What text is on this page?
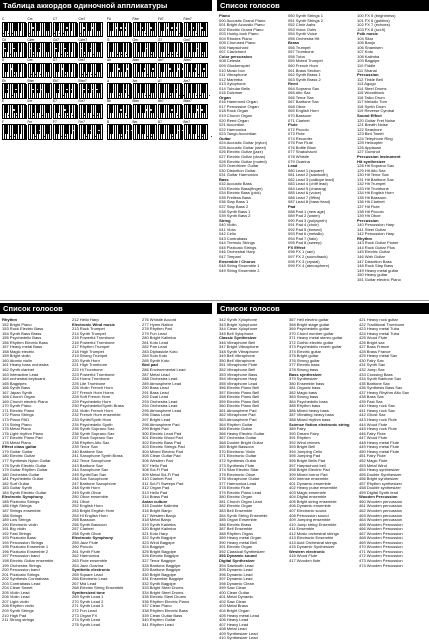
Таблица аккордов одиночной аппликатуры	Список голосов
C	Cm	C7	Cm7
C#	C#m	C#7	C#m7
D	Dm	D7	Dm7
Eb	Ebm	Eb7	Ebm7
E	Em	E7	Em7
F	Fm	F7	Fm7
F#	F#m	F#7	F#m7
G	Gm	G7	Gm7
Ab	Abm	Ab7	Abm7
A	Am	A7	Am7
Bb	Bbm	Bb7	Bbm7
B	Bm	B7	Bm7
Piano
000 Acoustic Grand Piano
001 Bright Acoustic Piano
002 Electric Grand Piano
003 Honky-tonk Piano
004 Rhodes Piano
005 Chorused Piano
006 Harpsichord
007 Clavichord
Color percussion
008 Celesta
009 Glockenspiel
010 Music box
011 Vibraphone
012 Marimba
013 Xylophone
014 Tubular Bells
015 Dulcimer
Organ
016 Hammond Organ
017 Percussive Organ
018 Rock Organ
019 Church Organ
020 Reed Organ
021 Accordion
022 Harmonica
023 Tango Accordian
Guitar
024 Acoustic Guitar (nylon)
025 Acoustic Guitar (steel)
026 Electric Guitar (jazz)
027 Electric Guitar (clean)
028 Electric Guitar (muted)
029 Overdriven Guitar
030 Distortion Guitar
031 Guitar Harmonics
Bass
032 Acoustic Bass
033 Electric Bass(finger)
034 Electric Bass (pick)
035 Fretless Bass
036 Slap Bass 1
037 Slap Bass 2
038 Synth Bass 1
039 Synth Bass 2
String
040 Violin
041 Viola
042 Cello
043 Contrabass
044 Tremolo Strings
045 Pizzicato Strings
046 Orchestral Harp
047 Timpani
Ensemble / Chorus
048 String Ensemble 1
049 String Ensemble 2
050 Synth Strings 1
051 Synth Strings 2
052 Choir Aahs
053 Voice Oohs
054 Synth Voice
055 Orchestra Hit
Brass
056 Trumpet
057 Trombone
058 Tuba
059 Muted Trumpet
060 French Horn
061 Brass Section
062 Synth Brass 1
063 Synth Brass 2
Reed
064 Soprano Sax
065 Alto Sax
066 Tenor Sax
067 Baritone Sax
068 Oboe
069 English Horn
070 Bassoon
071 Clarinet
Flute
072 Piccolo
073 Flute
074 Recorder
075 Pan Flute
076 Bottle Blow
077 Shakuhachi
078 Whistle
079 Ocarina
Lead
080 Lead 1 (square)
081 Lead 2 (sawtooth)
082 Lead 3 (calliope lead)
083 Lead 4 (chiff lead)
084 Lead 5 (charang)
085 Lead 6 (voice)
086 Lead 7 (fifths)
087 Lead 8 (bass+lead)
Pad
088 Pad 1 (new age)
089 Pad 2 (warm)
090 Pad 3 (polysynth)
091 Pad 4 (choir)
092 Pad 5 (bowed)
093 Pad 6 (metallic)
094 Pad 7 (halo)
095 Pad 8 (sweep)
FX Effect
096 FX 1 (rain)
097 FX 2 (soundtrack)
098 FX 3 (crystal)
099 FX 4 (atmosphere)
100 FX 5 (brightness)
101 FX 6 (goblins)
102 FX 7 (echoes)
103 FX 8 (sci-fi)
Folk music
104 Sitar
105 Banjo
106 Shamisen
107 Koto
108 Kalimba
109 Bagpipe
110 Fiddle
111 Shanai
Percussion
112 Tinkle Bell
113 Agogo
114 Steel Drums
115 Woodblock
116 Taiko Drum
117 Melodic Tom
118 Synth Drum
119 Reverse Cymbal
Sound Effect
120 Guitar Fret Noise
121 Breath Noise
122 Seashore
123 Bird Tweet
124 Telephone Ring
125 Helicopter
126 Applause
127 Gunshot
Percussion instrument
Hit synthesizer
128 Hit Soprano Sax
129 Hit Alto Sax
130 Hit Tenor Sax
131 Hit Baritone Sax
132 Hit Trumpet
133 Hit Trombone
134 Hit English Horn
135 Hit Bassoon
136 Hit Clarinet
137 Hit Flute
138 Hit Piccolo
139 Hit Oboe
Percussion
140 Percussion Harp
141 Steel Guitar
142 Percussion Harp
Rhythm
143 Rock Guitar Power
144 Rock Guitar Plus
145 Electric Guitar
146 Wah Guitar
147 Distortion Bass
148 Rock Slap Bass
149 Heavy metal guitar
150 Heavy guitar
151 Guitar electric Piano
Список голосов	Список голосов
Rhythm
152 Bright Piano
153 Rock Electric Bass
154 Synth Bass Brass
155 Psychedelic Bass
156 Rhythm Electric Bass
157 Heavy metal Bass
158 Magic electric
159 Bright violin
160 Atomic violin
161 Heavy bass orchestra
162 Synth clarinet
163 Interactive Lead
164 orchestral keyboard
165 Bagpipes
166 Synth Bass
167 Japan Synth
168 Church Organ
169 Church electric Piano
170 Synth Piano
171 Electric Piano
172 Piano Strings
173 Piano PAD
174 String Piano
175 Metal Piano
176 Light rhythm Piano
177 Electric Piano Pad
178 Metal Piano
Effect class guitar
179 Guitar Guitar
180 Electric Guitar
177 Synthesis Nylon Guitar
178 Synth Electric Guitar
179 Guitar Rhythm Guitar
180 Orchestra Guitar
181 Psychedelic Guitar
182 Surf Guitar
183 Guitar Synth
184 Synth Electric Guitar
Electronic Symphony
185 Pizzicato Strings
186 High Strings
187 Strings ensemble
188 Strings
189 Low Strings
190 Electronic violin
191 Big violin
192 Fast Strings
193 Pizzicato Bass
194 Percussion Strings
195 Pizzicato Ensemble 1
196 Pizzicato Ensemble 2
197 Percussion band
198 Electric Guitar ensemble
199 Orchestra Strings
200 Percussion band
201 Pizzicato Strings
202 Synthesis Contrabass
203 Contrabass Lead
204 Clean Sweet
205 Violin Lead
206 Violin Lead
207 Light violin
208 Rhythm violin
209 Synth Strings
210 High Pad
211 Strong strings
212 Hello Harp
Electronic Wind music
213 Rock Trumpet
214 Synth Trumpet
215 Powerful Trombone
216 Powerful Trombone
217 Rhythm Trumpet
218 High Trumpet
219 Strong Trumpet
220 Synth Horn
221 High Trombone
222 Hi Trombone
223 Powerful Trombone
224 Horns Trombone
225 Lite Trombone
226 Violin French Horn
227 French Horn Horns
228 Soft French Horn
229 Psychedelic Horn
230 Psychedelic/Synth Brass
231 Violin French Horn
232 French Horn ensemble
233 Synth/Synth Horn
234 Psychedelic Synth
235 Synth Soprano Sax
236 Synth Soprano Sax
237 Rock Soprano Sax
238 Rhythm Alto Sax
239 Tenor Sax
240 Baritone Sax
241 Saxophone Synth Brass
242 Tenor Saxophone
243 Baritone Sax
244 Saxophone Sax
245 Synth/Sax Sax
246 Sax Saxophone
247 Baritone Saxophone
248 Synth Horn
249 Synth Oboe
250 Oboe ensemble
251 Oboe
252 English Horn
253 Bright English Horn
254 Hi English Horn
255 Bassoon
256 Synth Bassoon
257 Clarinet
258 Synth Oboe
Electronic Symphony
259 Jazz Flute
260 Piccolo
261 Synth Flute
262 Harmonica
263 Flute ensemble
264 Jazz Ocarina
Synthetic electronic
265 Square Lead
266 Electronic Lead
267 Mid Lead
268 Electric String Ensemble
Synthesized tone
269 Synth Lead 1
270 Synth Lead 2
271 Synth Lead 3
272 Fun Lead
273 Organ FX
274 Synth Lead
275 Synth Lead
276 Whistle Accord
277 Hymn Nation
278 Rhythm Pad
279 Fun Lead
280 Bright Kalimba
281 Koto Lead
282 Pan Lead
283 Diphasicle Koto
284 Solo Koto
285 Synth Koto
Bed pad
286 Environmental Lead
287 Metal Lead
288 Orchestra Lead
289 Atmosphere Lead
290 Bass Lead
291 Bass Lead
292 Dual Lead
293 Orchestra Lead
294 Orchestra Lead
295 Atmosphere Lead
296 Glass Lead
297 Bright Lead
298 Atmosphere Pad
299 Bright Pad
300 Electric Lead Pad
301 Electric Wood Pad
302 Electric Bass Pad
303 Electric Strings Pad
304 Mixed Electric Pad
305 Clean Guitar Pad
306 Western Pad
307 Hello Pad
308 Sci-Fi Pad
309 Metal Sci-Fi Pad
310 Clarinet Pad
311 Sci-Fi Sweeps Pad
312 Organ Pad
313 Hello Pad
314 Brass Pad
Asian culture
315 Double Kalimba
316 Bright Banjo
317 Western Banjo
318 Metal Banjo
319 Synth Kalimba
320 Bright Kalimba
321 Koto Harp
322 Synth Bagpipe
323 Wind Bagpipe
324 Bagpipe
325 Bright Bagpipe
326 Electric Bagpipe
327 Tenor Bagpipe
328 Baritone Bagpipe
329 Baritone Bagpipe
330 Bright Bagpipe
331 Ensemble Bagpipe
332 Synth Bagpipe
333 Bright Steel Drums
334 Bright Steel Drums
335 Electric Steel Drums
336 Rhythm Electric Piano
337 Clean Piano
338 Rhythm Electric Bass
339 Clean Guitar Bass
340 Rhythm Guitar
341 Rhythm Lead
342 Synth Xylophone
343 Bright Xylophone
344 Clean Xylophone
345 Bell Xylophone
Classic Synthesizer
346 Vibraphone Bell
347 Bright Vibraphone
348 Synth Vibraphone
349 Bell Vibraphone
350 Bell Vibraphone
351 Vibraphone Flute
352 Vibraphone Bell
353 Vibraphone Bass
354 Vibraphone Harp
355 Vibraphone Lead
356 Electric Piano Bell
357 Electric Piano Bell
358 Electric Piano Bell
359 Electric Piano Bell
360 Electric Piano Bell
361 Atmosphere Pad
362 Vibraphone Pad
363 Atmosphere Pad
364 Rhythm Guitar
365 Electric Guitar
366 Heavy Electric Guitar
367 Orchestra Guitar
368 Double Bright Guitar
369 Bright Bassoon
370 Electronic Violin
371 Electronic Guitar
372 Synthesis Guitar
373 Synthesis Flute
374 Sitar Electric Sitar
375 Electronic Oboe
376 Vibraphone Guitar
377 Harmonica Lead
378 Electric Flute
379 Electric Piano Lead
380 Electric Organ
381 Church Organ Lead
382 Electric Organ
383 Bell Ensemble
384 Synth String Ensemble
385 Organ Ensemble
386 Electric Brass
387 Bell Ensemble
388 Rhythm Organ
389 Heavy metal Organ
390 Heavy metal Bell
391 Electric Organ
392 Classical Synthesizer
393 Dynamic sound
Digital Synthesizer
394 Sawtooth Lead
395 Dynamic Lead
396 Dynamic Lead
397 Dynamic Lead
398 Dynamic Clean
399 Saw Clean
400 Clean Guitar
401 Metal Dynamic
402 Saw Clean
403 Metal Brass
404 Bright Organ
405 Heavy metal Lead
406 Heavy Lead
407 Heavy Lead
408 Metal Lead
409 Synthesizer Lead
410 Synthesizer Lead
367 Hell electric guitar
368 Bright stage guitar
369 Psychedelic guitar
370 Chord number guitar
371 Heavy metal stereo guitar
372 Gothic electric guitar
373 Psychedelic reverb guitar
374 Electric guitar
375 Bright guitar
376 Strong guitar
377 Electric bass
378 Strong bass
Bass synthesizer
379 Synthesizer
380 Ensemble bass
381 Organic bass
382 Magic bass
383 Strong bass
384 Psychedelic bass
385 Rhythm bass
386 Mixed heavy bass
387 Vibrating heavy bass
388 Mixed rhythm bass
Science fiction electronic string
389 Fairy
390 Dream Fairy
391 Rhythm
392 Wind chimes
393 Bright Bell
394 Jumping Cello
395 Jumping Pad
396 Bright Bells Pad
397 Harpsichord bell
398 Bright Electric Pad
399 Mixed horror Pad
400 Intense ensemble
401 Dynamic ensemble
402 Heavy pulse ensemble
403 Magic ensemble
404 Digital ensemble
405 Bright string ensemble
406 Dynamic ensemble
407 Electronic sound
408 Percussion sound
409 Jumping ensemble
410 Jump string Ensemble
411 Ensemble
412 Music orchestral strings
413 Electronic Ensemble
414 Acid Orchestral strings
415 Dynamic Synthesizer
Western electronic
416 Wood Flute
417 Wooden flute
421 Heavy rock guitar
422 Traditional Trombone
423 Heavy metal Tuba
424 Heavy metal Tuba
425 Wood Flute
426 Bright sax
427 Bass France
428 Brass France
429 Heavy metal Sax
430 Fairy Sax
431 Synth Sax
432 Jump Sax
433 Crossing Bass
434 Synth Baritone Sax
435 Baritone Sax
436 Synthesis Bass Sax
437 Heavy Rhythm Alto Sax
438 Bass Sax
439 Fast Sax
440 Heavy rock Sax
441 Heavy rock Sax
442 Ghost Sax
443 Heavy rock Flute
444 Wood Flute
445 Heavy rock Flute
446 Fairy Flute
447 Wood Flute
448 Heavy metal Flute
449 Heavy metal Flute
450 Heavy metal Flute
451 Fairy Flute
452 Magic Flute
453 Metal Wind
454 Heavy synthesizer
455 Double Synthesizer
456 Bright synthesizer
457 Rhythm synthesizer
458 Double synthesizer
459 Digital Synth lead
Wooden Percussion
460 Wooden percussion
461 Wooden percussion
462 Wooden percussion
463 Wooden percussion
464 Wooden percussion
465 Wooden Percussion
466 Wooden Percussion
467 Wooden Percussion
468 Wooden Percussion
469 Wooden Percussion
470 Wooden Percussion
471 Wooden Percussion
472 Wooden Percussion
473 Wooden Percussion
474 Wooden Percussion
